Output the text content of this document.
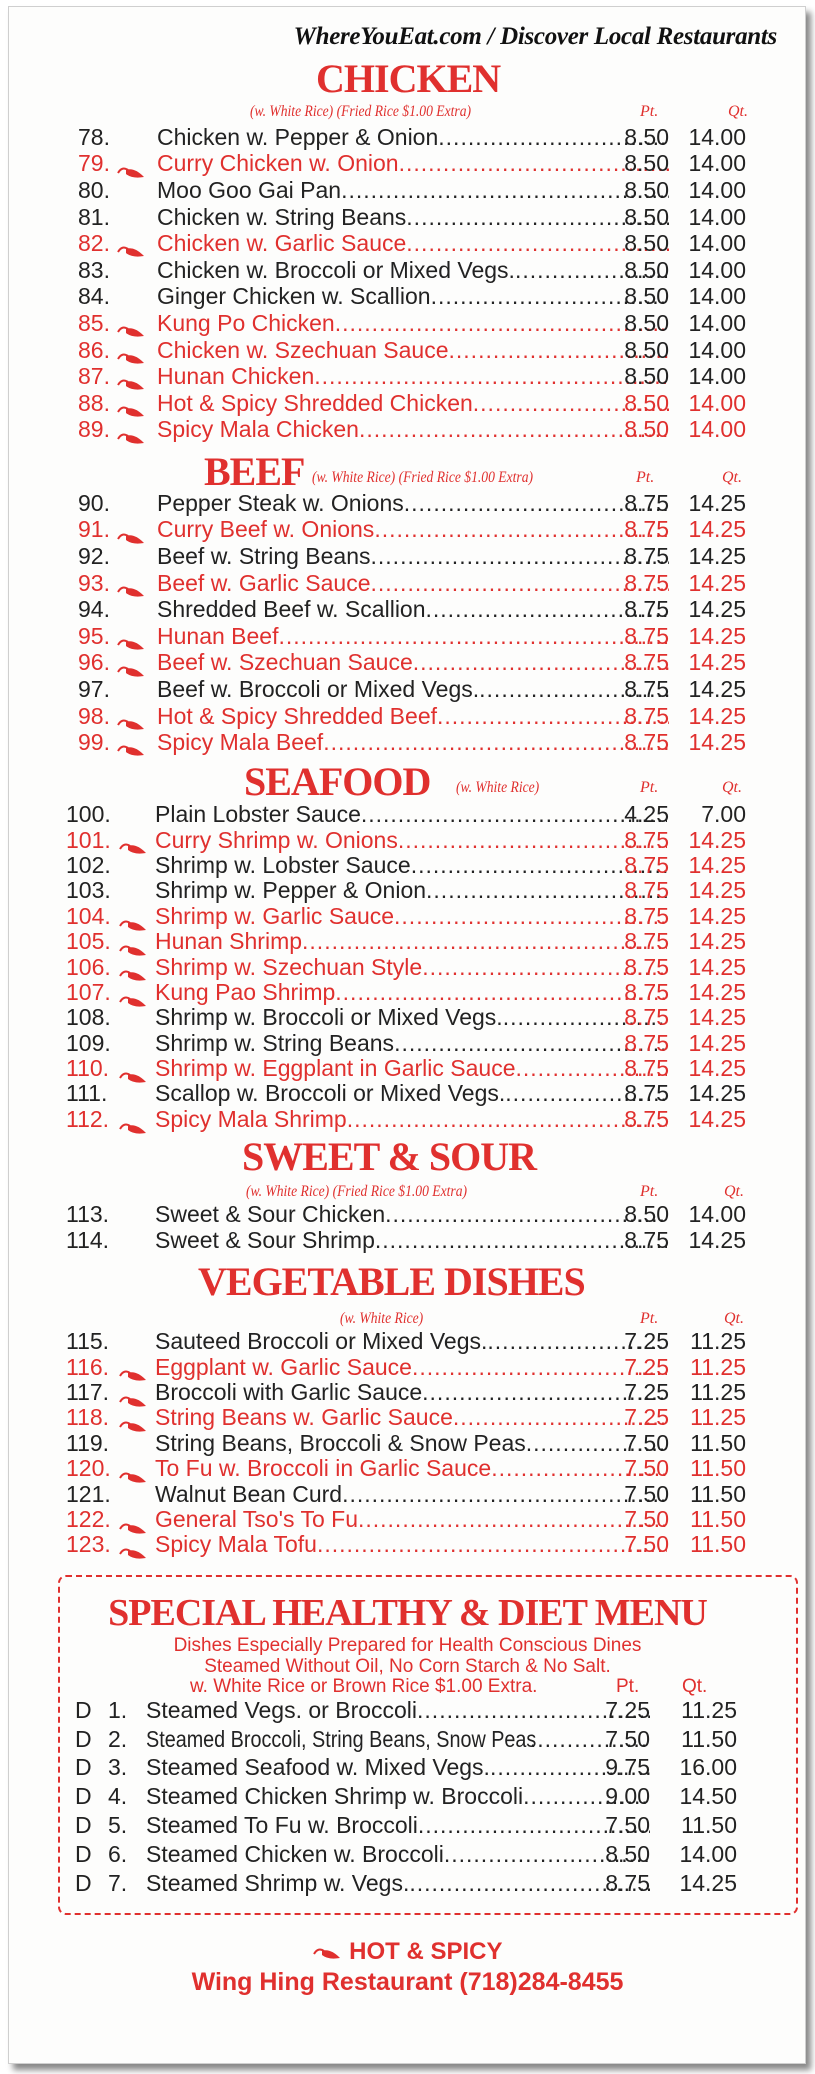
WhereYouEat.com / Discover Local Restaurants
CHICKEN
(w. White Rice) (Fried Rice $1.00 Extra)	Pt.	Qt.
78. Chicken w. Pepper & Onion .....	8.50 14.00
79. Curry Chicken w. Onion .....	8.50 14.00
80. Moo Goo Gai Pan .....	8.50 14.00
81. Chicken w. String Beans .....	8.50 14.00
82. Chicken w. Garlic Sauce .....	8.50 14.00
83. Chicken w. Broccoli or Mixed Vegs. .....	8.50 14.00
84. Ginger Chicken w. Scallion .....	8.50 14.00
85. Kung Po Chicken .....	8.50 14.00
86. Chicken w. Szechuan Sauce .....	8.50 14.00
87. Hunan Chicken .....	8.50 14.00
88. Hot & Spicy Shredded Chicken .....	8.50 14.00
89. Spicy Mala Chicken .....	8.50 14.00
BEEF (w. White Rice) (Fried Rice $1.00 Extra)	Pt.	Qt.
90. Pepper Steak w. Onions .....	8.75 14.25
91. Curry Beef w. Onions .....	8.75 14.25
92. Beef w. String Beans .....	8.75 14.25
93. Beef w. Garlic Sauce .....	8.75 14.25
94. Shredded Beef w. Scallion .....	8.75 14.25
95. Hunan Beef .....	8.75 14.25
96. Beef w. Szechuan Sauce .....	8.75 14.25
97. Beef w. Broccoli or Mixed Vegs. .....	8.75 14.25
98. Hot & Spicy Shredded Beef .....	8.75 14.25
99. Spicy Mala Beef .....	8.75 14.25
SEAFOOD (w. White Rice)	Pt.	Qt.
100. Plain Lobster Sauce .....	4.25 7.00
101. Curry Shrimp w. Onions .....	8.75 14.25
102. Shrimp w. Lobster Sauce .....	8.75 14.25
103. Shrimp w. Pepper & Onion .....	8.75 14.25
104. Shrimp w. Garlic Sauce .....	8.75 14.25
105. Hunan Shrimp .....	8.75 14.25
106. Shrimp w. Szechuan Style .....	8.75 14.25
107. Kung Pao Shrimp .....	8.75 14.25
108. Shrimp w. Broccoli or Mixed Vegs. .....	8.75 14.25
109. Shrimp w. String Beans .....	8.75 14.25
110. Shrimp w. Eggplant in Garlic Sauce .....	8.75 14.25
111. Scallop w. Broccoli or Mixed Vegs. .....	8.75 14.25
112. Spicy Mala Shrimp .....	8.75 14.25
SWEET & SOUR
(w. White Rice) (Fried Rice $1.00 Extra)	Pt.	Qt.
113. Sweet & Sour Chicken .....	8.50 14.00
114. Sweet & Sour Shrimp .....	8.75 14.25
VEGETABLE DISHES
(w. White Rice)	Pt.	Qt.
115. Sauteed Broccoli or Mixed Vegs. .....	7.25 11.25
116. Eggplant w. Garlic Sauce .....	7.25 11.25
117. Broccoli with Garlic Sauce .....	7.25 11.25
118. String Beans w. Garlic Sauce .....	7.25 11.25
119. String Beans, Broccoli & Snow Peas .....	7.50 11.50
120. To Fu w. Broccoli in Garlic Sauce .....	7.50 11.50
121. Walnut Bean Curd .....	7.50 11.50
122. General Tso's To Fu .....	7.50 11.50
123. Spicy Mala Tofu .....	7.50 11.50
SPECIAL HEALTHY & DIET MENU
Dishes Especially Prepared for Health Conscious Dines
Steamed Without Oil, No Corn Starch & No Salt.
w. White Rice or Brown Rice $1.00 Extra.	Pt. Qt.
D 1. Steamed Vegs. or Broccoli .....	7.25 11.25
D 2. Steamed Broccoli, String Beans, Snow Peas .....	7.50 11.50
D 3. Steamed Seafood w. Mixed Vegs. .....	9.75 16.00
D 4. Steamed Chicken Shrimp w. Broccoli .....	9.00 14.50
D 5. Steamed To Fu w. Broccoli .....	7.50 11.50
D 6. Steamed Chicken w. Broccoli .....	8.50 14.00
D 7. Steamed Shrimp w. Vegs. .....	8.75 14.25
HOT & SPICY
Wing Hing Restaurant (718)284-8455
